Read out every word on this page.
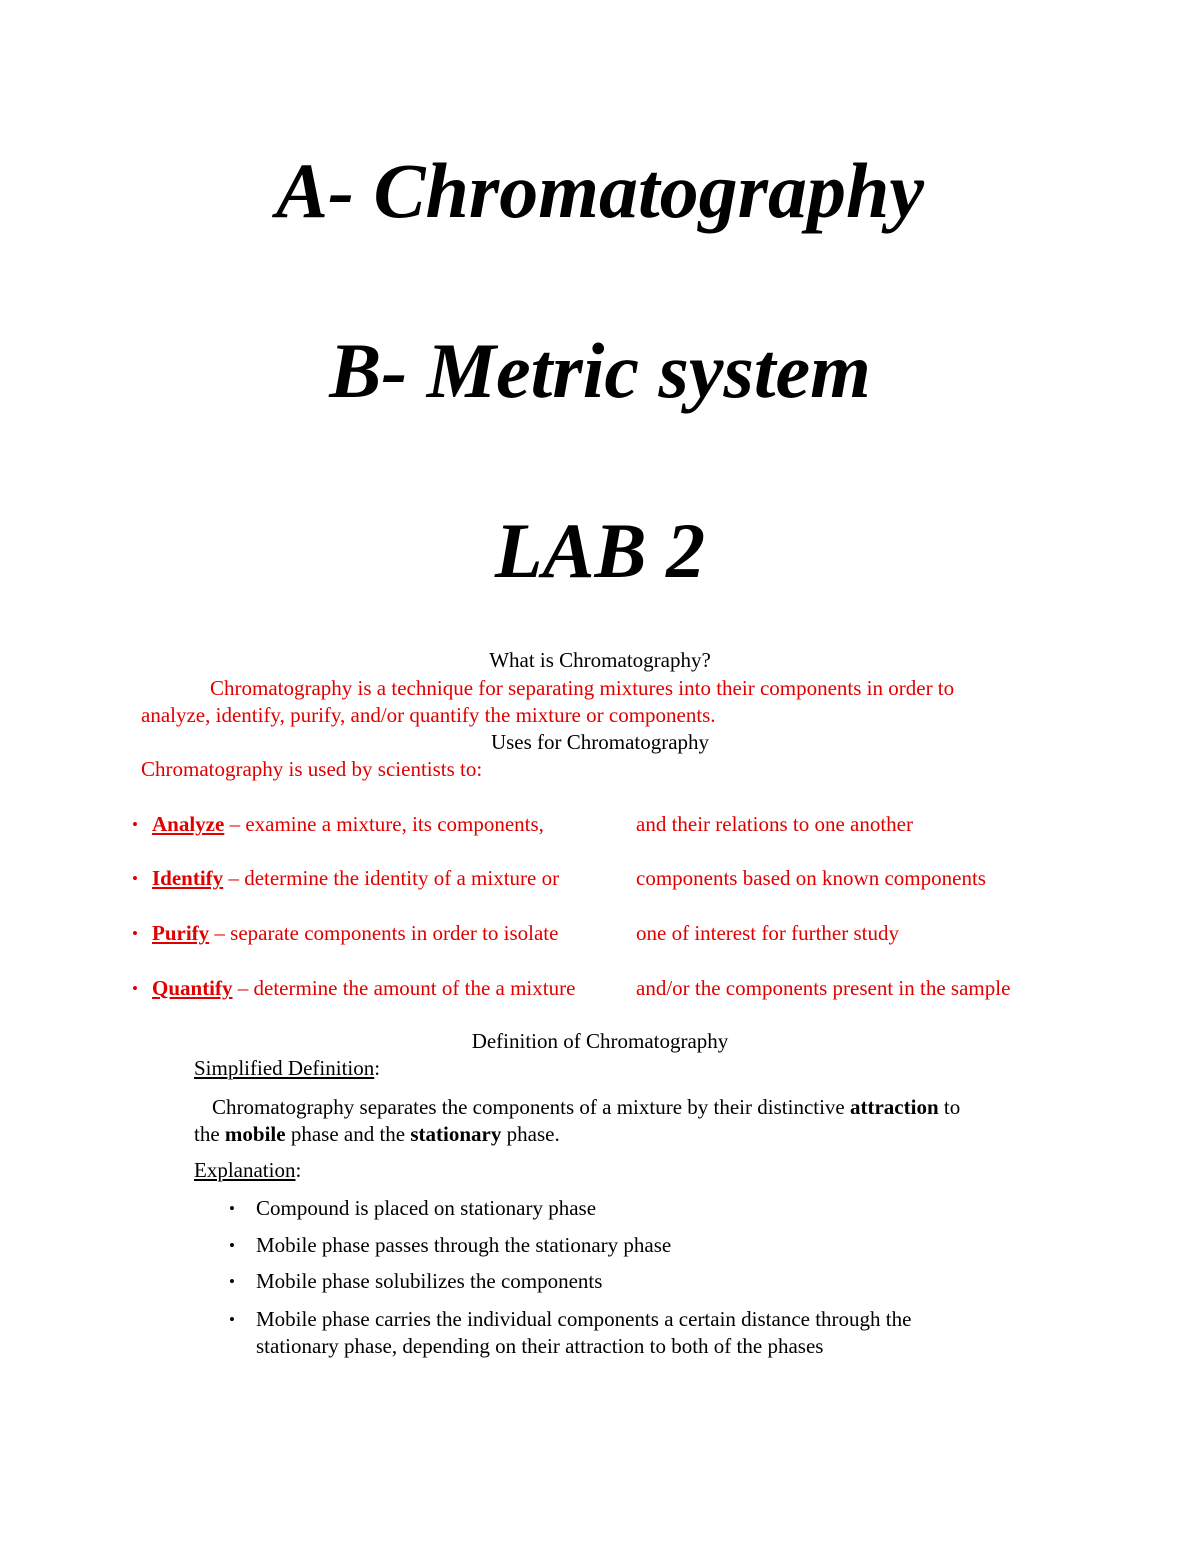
A- Chromatography
B- Metric system
LAB 2
What is Chromatography?
Chromatography is a technique for separating mixtures into their components in order to
analyze, identify, purify, and/or quantify the mixture or components.
Uses for Chromatography
Chromatography is used by scientists to:
• Analyze – examine a mixture, its components,	and their relations to one another
• Identify – determine the identity of a mixture or	components based on known components
• Purify – separate components in order to isolate	one of interest for further study
• Quantify – determine the amount of the a mixture	and/or the components present in the sample
Definition of Chromatography
Simplified Definition:
Chromatography separates the components of a mixture by their distinctive attraction to
the mobile phase and the stationary phase.
Explanation:
• Compound is placed on stationary phase
• Mobile phase passes through the stationary phase
• Mobile phase solubilizes the components
• Mobile phase carries the individual components a certain distance through the
stationary phase, depending on their attraction to both of the phases
